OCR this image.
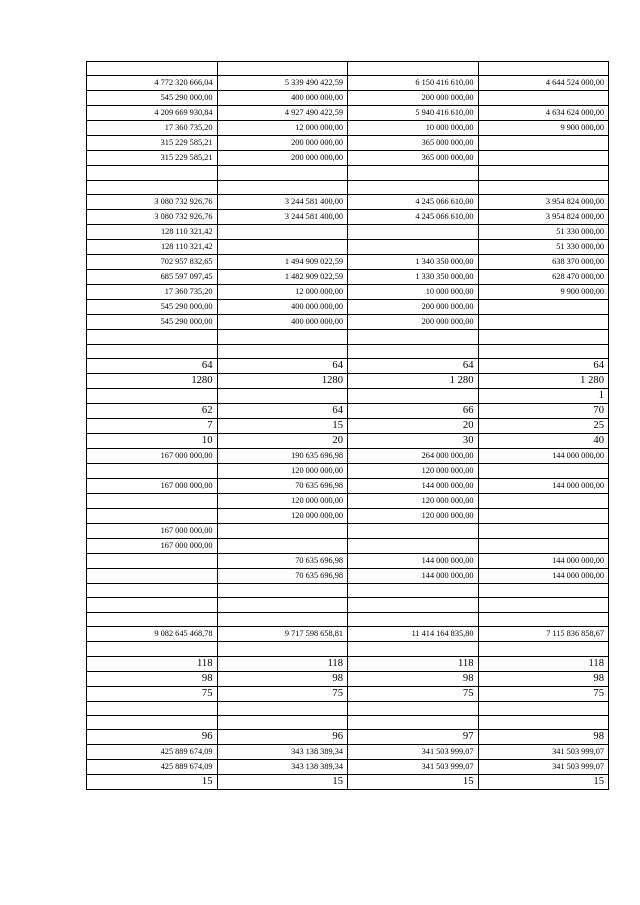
4 772 320 666,04	5 339 490 422,59	6 150 416 610,00	4 644 524 000,00
545 290 000,00	400 000 000,00	200 000 000,00	
4 209 669 930,84	4 927 490 422,59	5 940 416 610,00	4 634 624 000,00
17 360 735,20	12 000 000,00	10 000 000,00	9 900 000,00
315 229 585,21	200 000 000,00	365 000 000,00	
315 229 585,21	200 000 000,00	365 000 000,00	

3 080 732 926,76	3 244 581 400,00	4 245 066 610,00	3 954 824 000,00
3 080 732 926,76	3 244 581 400,00	4 245 066 610,00	3 954 824 000,00
128 110 321,42			51 330 000,00
128 110 321,42			51 330 000,00
702 957 832,65	1 494 909 022,59	1 340 350 000,00	638 370 000,00
685 597 097,45	1 482 909 022,59	1 330 350 000,00	628 470 000,00
17 360 735,20	12 000 000,00	10 000 000,00	9 900 000,00
545 290 000,00	400 000 000,00	200 000 000,00	
545 290 000,00	400 000 000,00	200 000 000,00	

64	64	64	64
1280	1280	1 280	1 280
			1
62	64	66	70
7	15	20	25
10	20	30	40
167 000 000,00	190 635 696,98	264 000 000,00	144 000 000,00
	120 000 000,00	120 000 000,00	
167 000 000,00	70 635 696,98	144 000 000,00	144 000 000,00
	120 000 000,00	120 000 000,00	
	120 000 000,00	120 000 000,00	
167 000 000,00			
167 000 000,00			
	70 635 696,98	144 000 000,00	144 000 000,00
	70 635 696,98	144 000 000,00	144 000 000,00

9 082 645 468,78	9 717 598 658,81	11 414 164 835,80	7 115 836 858,67

118	118	118	118
98	98	98	98
75	75	75	75

96	96	97	98
425 889 674,09	343 138 389,34	341 503 999,07	341 503 999,07
425 889 674,09	343 138 389,34	341 503 999,07	341 503 999,07
15	15	15	15
